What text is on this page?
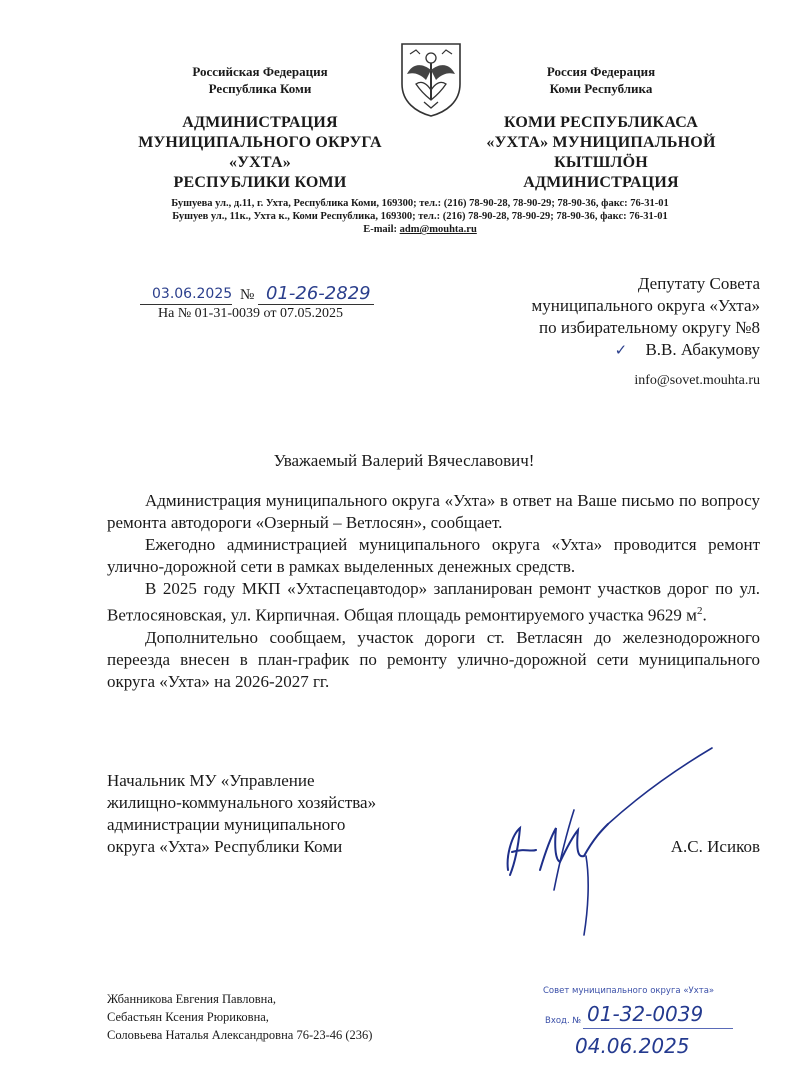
Российская Федерация
Республика Коми
АДМИНИСТРАЦИЯ
МУНИЦИПАЛЬНОГО ОКРУГА
«УХТА»
РЕСПУБЛИКИ КОМИ
Россия Федерация
Коми Республика
КОМИ РЕСПУБЛИКАСА
«УХТА» МУНИЦИПАЛЬНОЙ
КЫТШЛÖН
АДМИНИСТРАЦИЯ
Бушуева ул., д.11, г. Ухта, Республика Коми, 169300; тел.: (216) 78-90-28, 78-90-29; 78-90-36, факс: 76-31-01
Бушуев ул., 11к., Ухта к., Коми Республика, 169300; тел.: (216) 78-90-28, 78-90-29; 78-90-36, факс: 76-31-01
E-mail: adm@mouhta.ru
03.06.2025 № 01-26-2829
На № 01-31-0039 от 07.05.2025
Депутату Совета
муниципального округа «Ухта»
по избирательному округу №8
✓ В.В. Абакумову
info@sovet.mouhta.ru
Уважаемый Валерий Вячеславович!

Администрация муниципального округа «Ухта» в ответ на Ваше письмо по вопросу ремонта автодороги «Озерный – Ветлосян», сообщает.

Ежегодно администрацией муниципального округа «Ухта» проводится ремонт улично-дорожной сети в рамках выделенных денежных средств.

В 2025 году МКП «Ухтаспецавтодор» запланирован ремонт участков дорог по ул. Ветлосяновская, ул. Кирпичная. Общая площадь ремонтируемого участка 9629 $м^2$.

Дополнительно сообщаем, участок дороги ст. Ветласян до железнодорожного переезда внесен в план-график по ремонту улично-дорожной сети муниципального округа «Ухта» на 2026-2027 гг.

Начальник МУ «Управление
жилищно-коммунального хозяйства»
администрации муниципального
округа «Ухта» Республики Коми	А.С. Исиков
Жбанникова Евгения Павловна,
Себастьян Ксения Рюриковна,
Соловьева Наталья Александровна 76-23-46 (236)
Совет муниципального округа «Ухта»
Вход. № 01-32-0039
04.06.2025
